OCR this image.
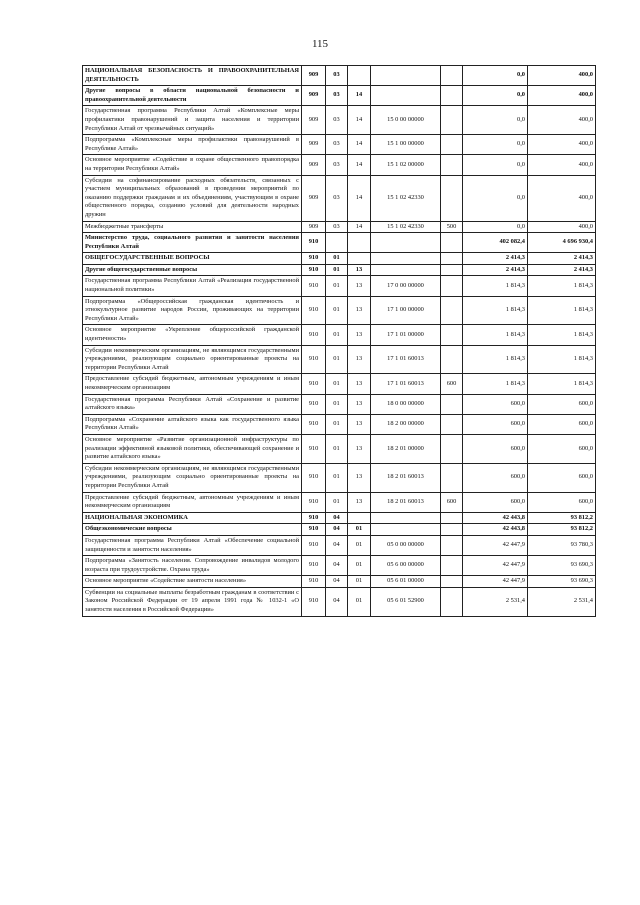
115
НАЦИОНАЛЬНАЯ БЕЗОПАСНОСТЬ И ПРАВООХРАНИТЕЛЬНАЯ ДЕЯТЕЛЬНОСТЬ	909	03				0,0	400,0
Другие вопросы в области национальной безопасности и правоохранительной деятельности	909	03	14			0,0	400,0
Государственная программа Республики Алтай «Комплексные меры профилактики правонарушений и защита населения и территории Республики Алтай от чрезвычайных ситуаций»	909	03	14	15 0 00 00000		0,0	400,0
Подпрограмма «Комплексные меры профилактики правонарушений в Республике Алтай»	909	03	14	15 1 00 00000		0,0	400,0
Основное мероприятие «Содействие в охране общественного правопорядка на территории Республики Алтай»	909	03	14	15 1 02 00000		0,0	400,0
Субсидии на софинансирование расходных обязательств, связанных с участием муниципальных образований в проведении мероприятий по оказанию поддержки гражданам и их объединениям, участвующим в охране общественного порядка, созданию условий для деятельности народных дружин	909	03	14	15 1 02 42330		0,0	400,0
Межбюджетные трансферты	909	03	14	15 1 02 42330	500	0,0	400,0
Министерство труда, социального развития и занятости населения Республики Алтай	910					402 082,4	4 696 930,4
ОБЩЕГОСУДАРСТВЕННЫЕ ВОПРОСЫ	910	01				2 414,3	2 414,3
Другие общегосударственные вопросы	910	01	13			2 414,3	2 414,3
Государственная программа Республики Алтай «Реализация государственной национальной политики»	910	01	13	17 0 00 00000		1 814,3	1 814,3
Подпрограмма «Общероссийская гражданская идентичность и этнокультурное развитие народов России, проживающих на территории Республики Алтай»	910	01	13	17 1 00 00000		1 814,3	1 814,3
Основное мероприятие «Укрепление общероссийской гражданской идентичности»	910	01	13	17 1 01 00000		1 814,3	1 814,3
Субсидии некоммерческим организациям, не являющимся государственными учреждениями, реализующим социально ориентированные проекты на территории Республики Алтай	910	01	13	17 1 01 60013		1 814,3	1 814,3
Предоставление субсидий бюджетным, автономным учреждениям и иным некоммерческим организациям	910	01	13	17 1 01 60013	600	1 814,3	1 814,3
Государственная программа Республики Алтай «Сохранение и развитие алтайского языка»	910	01	13	18 0 00 00000		600,0	600,0
Подпрограмма «Сохранение алтайского языка как государственного языка Республики Алтай»	910	01	13	18 2 00 00000		600,0	600,0
Основное мероприятие «Развитие организационной инфраструктуры по реализации эффективной языковой политики, обеспечивающей сохранение и развитие алтайского языка»	910	01	13	18 2 01 00000		600,0	600,0
Субсидии некоммерческим организациям, не являющимся государственными учреждениями, реализующим социально ориентированные проекты на территории Республики Алтай	910	01	13	18 2 01 60013		600,0	600,0
Предоставление субсидий бюджетным, автономным учреждениям и иным некоммерческим организациям	910	01	13	18 2 01 60013	600	600,0	600,0
НАЦИОНАЛЬНАЯ ЭКОНОМИКА	910	04				42 443,8	93 812,2
Общеэкономические вопросы	910	04	01			42 443,8	93 812,2
Государственная программа Республики Алтай «Обеспечение социальной защищенности и занятости населения»	910	04	01	05 0 00 00000		42 447,9	93 780,3
Подпрограмма «Занятость населения. Сопровождение инвалидов молодого возраста при трудоустройстве. Охрана труда»	910	04	01	05 6 00 00000		42 447,9	93 690,3
Основное мероприятие «Содействие занятости населения»	910	04	01	05 6 01 00000		42 447,9	93 690,3
Субвенции на социальные выплаты безработным гражданам в соответствии с Законом Российской Федерации от 19 апреля 1991 года № 1032-1 «О занятости населения в Российской Федерации»	910	04	01	05 6 01 52900		2 531,4	2 531,4
